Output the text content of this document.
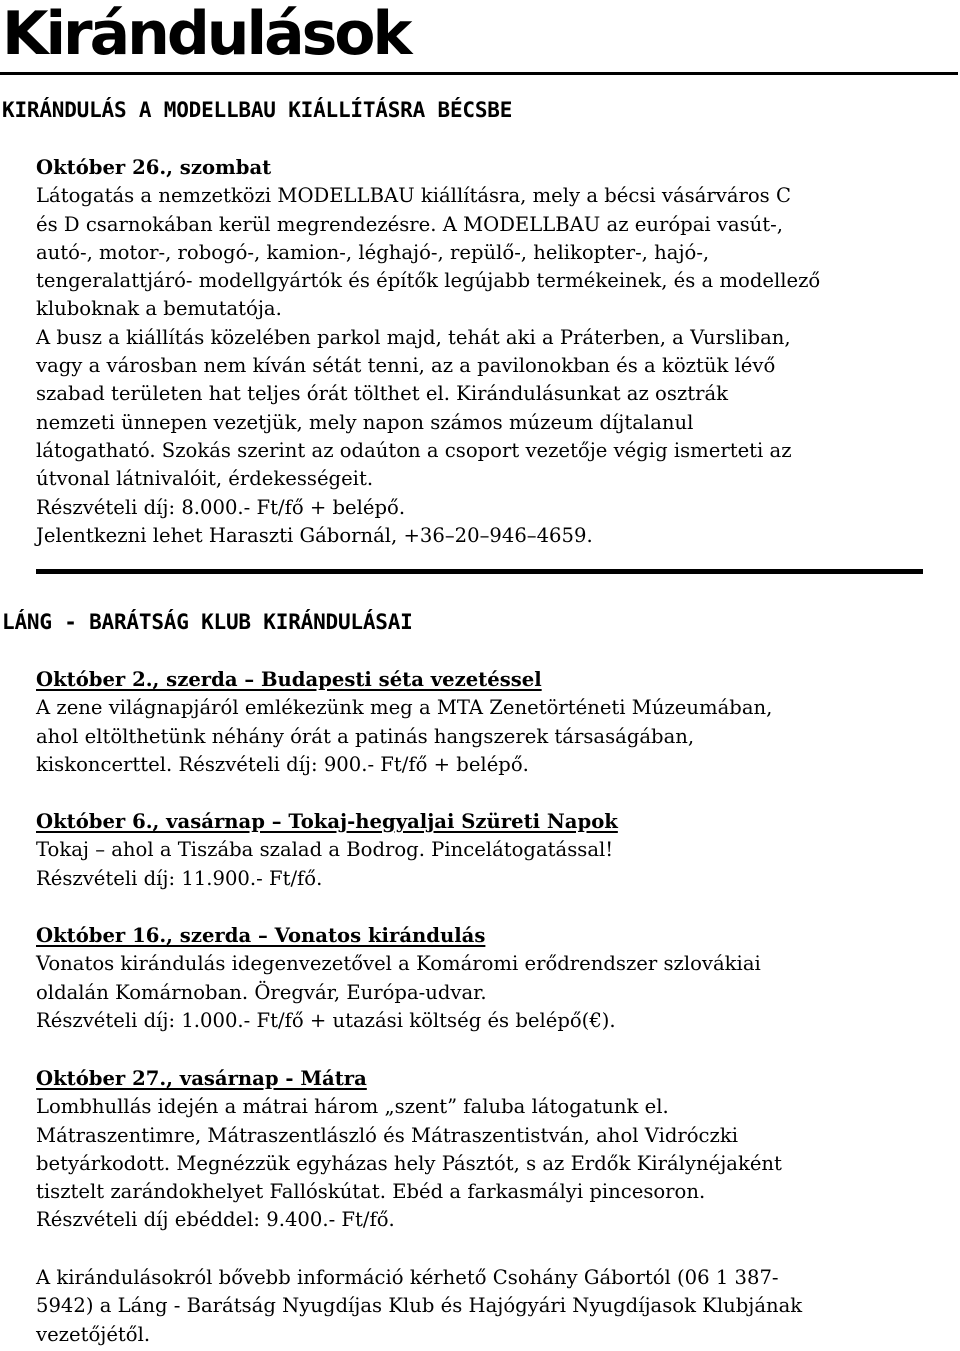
Kirándulások
KIRÁNDULÁS A MODELLBAU KIÁLLÍTÁSRA BÉCSBE

Október 26., szombat

Látogatás a nemzetközi MODELLBAU kiállításra, mely a bécsi vásárváros C

és D csarnokában kerül megrendezésre. A MODELLBAU az európai vasút-,

autó-, motor-, robogó-, kamion-, léghajó-, repülő-, helikopter-, hajó-,

tengeralattjáró- modellgyártók és építők legújabb termékeinek, és a modellező

kluboknak a bemutatója.

A busz a kiállítás közelében parkol majd, tehát aki a Práterben, a Vursliban,

vagy a városban nem kíván sétát tenni, az a pavilonokban és a köztük lévő

szabad területen hat teljes órát tölthet el. Kirándulásunkat az osztrák

nemzeti ünnepen vezetjük, mely napon számos múzeum díjtalanul

látogatható. Szokás szerint az odaúton a csoport vezetője végig ismerteti az

útvonal látnivalóit, érdekességeit.

Részvételi díj: 8.000.- Ft/fő + belépő.

Jelentkezni lehet Haraszti Gábornál, +36–20–946–4659.

LÁNG - BARÁTSÁG KLUB KIRÁNDULÁSAI

Október 2., szerda – Budapesti séta vezetéssel

A zene világnapjáról emlékezünk meg a MTA Zenetörténeti Múzeumában,

ahol eltölthetünk néhány órát a patinás hangszerek társaságában,

kiskoncerttel. Részvételi díj: 900.- Ft/fő + belépő.

Október 6., vasárnap – Tokaj-hegyaljai Szüreti Napok

Tokaj – ahol a Tiszába szalad a Bodrog. Pincelátogatással!

Részvételi díj: 11.900.- Ft/fő.

Október 16., szerda – Vonatos kirándulás

Vonatos kirándulás idegenvezetővel a Komáromi erődrendszer szlovákiai

oldalán Komárnoban. Öregvár, Európa-udvar.

Részvételi díj: 1.000.- Ft/fő + utazási költség és belépő(€).

Október 27., vasárnap - Mátra

Lombhullás idején a mátrai három „szent” faluba látogatunk el.

Mátraszentimre, Mátraszentlászló és Mátraszentistván, ahol Vidróczki

betyárkodott. Megnézzük egyházas hely Pásztót, s az Erdők Királynéjaként

tisztelt zarándokhelyet Fallóskútat. Ebéd a farkasmályi pincesoron.

Részvételi díj ebéddel: 9.400.- Ft/fő.

A kirándulásokról bővebb információ kérhető Csohány Gábortól (06 1 387-

5942) a Láng - Barátság Nyugdíjas Klub és Hajógyári Nyugdíjasok Klubjának

vezetőjétől.
